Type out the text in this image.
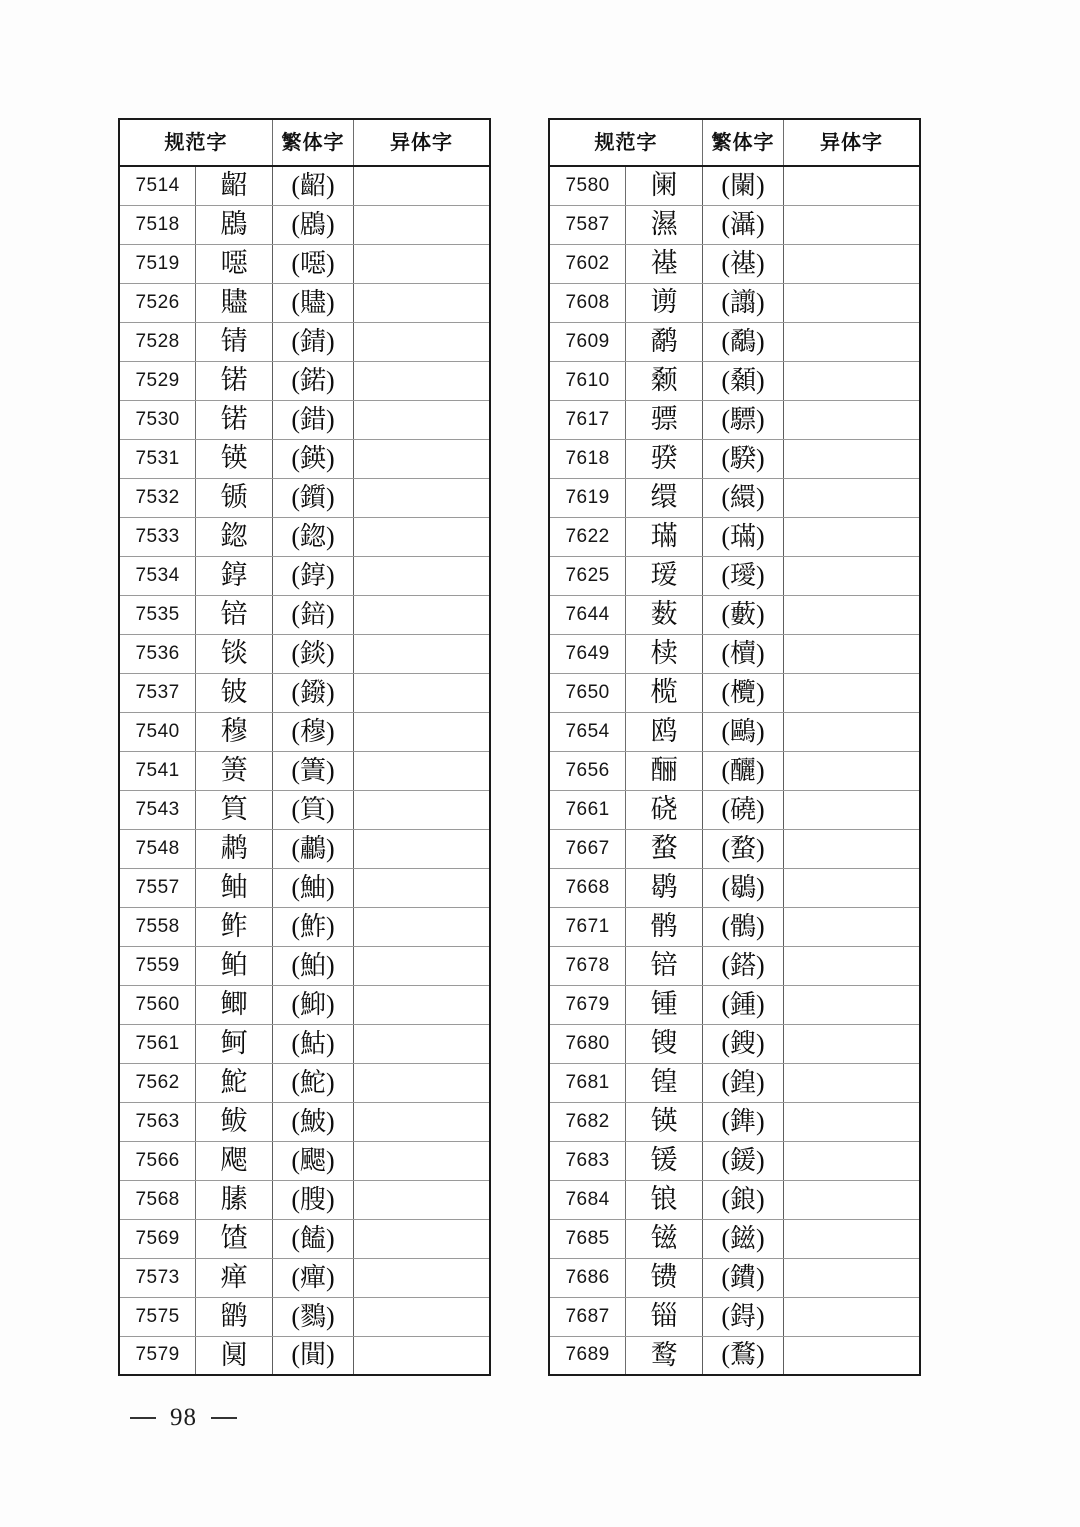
规范字		繁体字	异体字
7514	齠	(齠)	
7518	鶋	(鶋)	
7519	噁	(噁)	
7526	贐	(贐)	
7528	锖	(錆)	
7529	锘	(鍩)	
7530	锘	(錯)	
7531	锳	(鍈)	
7532	锧	(鑕)	
7533	鍃	(鍃)	
7534	錞	(錞)	
7535	锫	(錇)	
7536	锬	(錟)	
7537	铍	(鏺)	
7540	穆	(穆)	
7541	箦	(簀)	
7543	筫	(筫)	
7548	鹔	(鷫)	
7557	鲉	(鮋)	
7558	鲊	(鮓)	
7559	鲌	(鮊)	
7560	鲫	(鮣)	
7561	鲄	(鮕)	
7562	鮀	(鮀)	
7563	鲅	(鮍)	
7566	飔	(颸)	
7568	膆	(膄)	
7569	馇	(饁)	
7573	瘅	(癉)	
7575	鹠	(鷚)	
7579	阒	(閴)	
规范字		繁体字	异体字
7580	阑	(闌)	
7587	濕	(灄)	
7602	禥	(禥)	
7608	谫	(譾)	
7609	鹬	(鷸)	
7610	颡	(顙)	
7617	骠	(驃)	
7618	骙	(騤)	
7619	缳	(繯)	
7622	璊	(璊)	
7625	瑷	(璦)	
7644	薮	(藪)	
7649	椟	(櫝)	
7650	榄	(欖)	
7654	鸥	(鷗)	
7656	酾	(釃)	
7661	硗	(磽)	
7667	蝥	(蝥)	
7668	鹖	(鶡)	
7671	鹘	(鶻)	
7678	锫	(鎝)	
7679	锺	(鍾)	
7680	锼	(鎪)	
7681	锽	(鍠)	
7682	锳	(鎨)	
7683	锾	(鍰)	
7684	锒	(鋃)	
7685	镃	(鎡)	
7686	镄	(鐨)	
7687	锱	(鍀)	
7689	鹜	(鶩)	
98
